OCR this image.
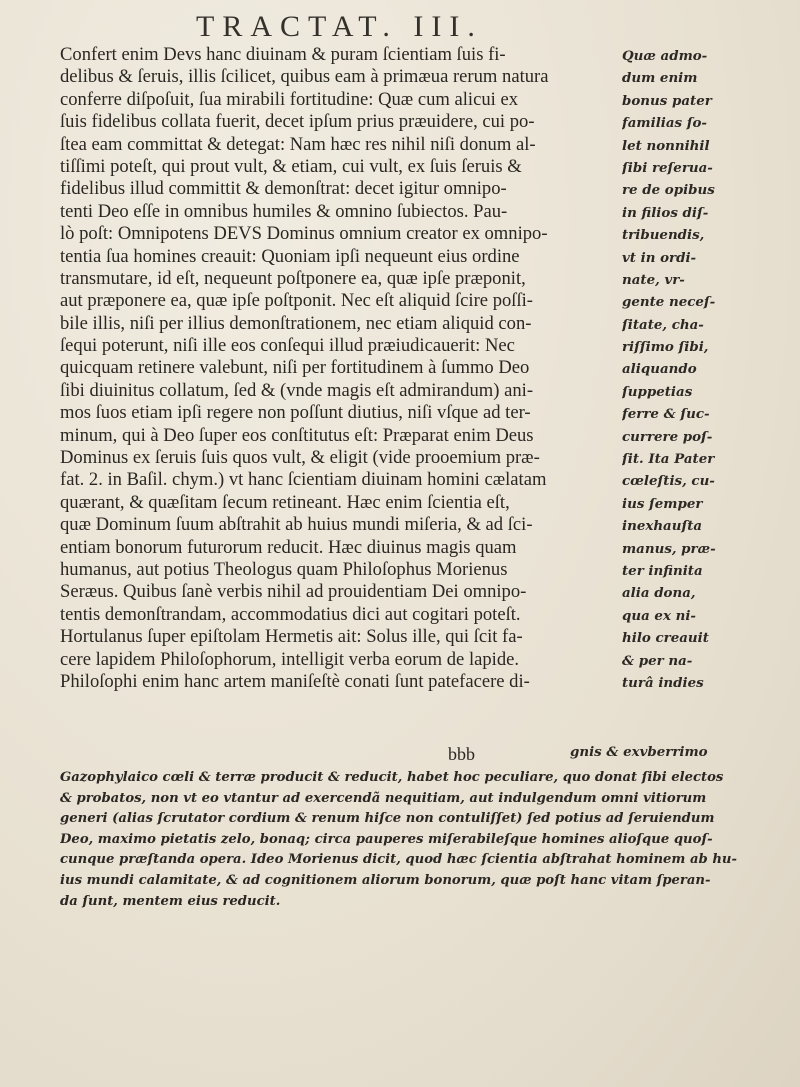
TRACTAT. III.
Confert enim Devs hanc diuinam & puram ſcientiam ſuis fi-
delibus & ſeruis, illis ſcilicet, quibus eam à primæua rerum natura
conferre diſpoſuit, ſua mirabili fortitudine: Quæ cum alicui ex
ſuis fidelibus collata fuerit, decet ipſum prius præuidere, cui po-
ſtea eam committat & detegat: Nam hæc res nihil niſi donum al-
tiſſimi poteſt, qui prout vult, & etiam, cui vult, ex ſuis ſeruis &
fidelibus illud committit & demonſtrat: decet igitur omnipo-
tenti Deo eſſe in omnibus humiles & omnino ſubiectos. Pau-
lò poſt: Omnipotens DEVS Dominus omnium creator ex omnipo-
tentia ſua homines creauit: Quoniam ipſi nequeunt eius ordine
transmutare, id eſt, nequeunt poſtponere ea, quæ ipſe præponit,
aut præponere ea, quæ ipſe poſtponit. Nec eſt aliquid ſcire poſſi-
bile illis, niſi per illius demonſtrationem, nec etiam aliquid con-
ſequi poterunt, niſi ille eos conſequi illud præiudicauerit: Nec
quicquam retinere valebunt, niſi per fortitudinem à ſummo Deo
ſibi diuinitus collatum, ſed & (vnde magis eſt admirandum) ani-
mos ſuos etiam ipſi regere non poſſunt diutius, niſi vſque ad ter-
minum, qui à Deo ſuper eos conſtitutus eſt: Præparat enim Deus
Dominus ex ſeruis ſuis quos vult, & eligit (vide prooemium præ-
fat. 2. in Baſil. chym.) vt hanc ſcientiam diuinam homini cælatam
quærant, & quæſitam ſecum retineant. Hæc enim ſcientia eſt,
quæ Dominum ſuum abſtrahit ab huius mundi miſeria, & ad ſci-
entiam bonorum futurorum reducit. Hæc diuinus magis quam
humanus, aut potius Theologus quam Philoſophus Morienus
Seræus. Quibus ſanè verbis nihil ad prouidentiam Dei omnipo-
tentis demonſtrandam, accommodatius dici aut cogitari poteſt.
Hortulanus ſuper epiſtolam Hermetis ait: Solus ille, qui ſcit fa-
cere lapidem Philoſophorum, intelligit verba eorum de lapide.
Philoſophi enim hanc artem maniſeſtè conati ſunt patefacere di-
Quæ admo-
dum enim
bonus pater
familias ſo-
let nonnihil
ſibi reſerua-
re de opibus
in filios diſ-
tribuendis,
vt in ordi-
nate, vr-
gente neceſ-
ſitate, cha-
riſſimo ſibi,
aliquando
ſuppetias
ferre & ſuc-
currere poſ-
ſit. Ita Pater
cœleſtis, cu-
ius ſemper
inexhauſta
manus, præ-
ter infinita
alia dona,
qua ex ni-
hilo creauit
& per na-
turâ indies
bbb	gnis & exvberrimo
Gazophylaico cœli & terræ producit & reducit, habet hoc peculiare, quo donat ſibi electos
& probatos, non vt eo vtantur ad exercendã nequitiam, aut indulgendum omni vitiorum
generi (alias ſcrutator cordium & renum hiſce non contuliſſet) ſed potius ad ſeruiendum
Deo, maximo pietatis zelo, bonaq; circa pauperes miſerabileſque homines alioſque quoſ-
cunque præſtanda opera. Ideo Morienus dicit, quod hæc ſcientia abſtrahat hominem ab hu-
ius mundi calamitate, & ad cognitionem aliorum bonorum, quæ poſt hanc vitam ſperan-
da ſunt, mentem eius reducit.
